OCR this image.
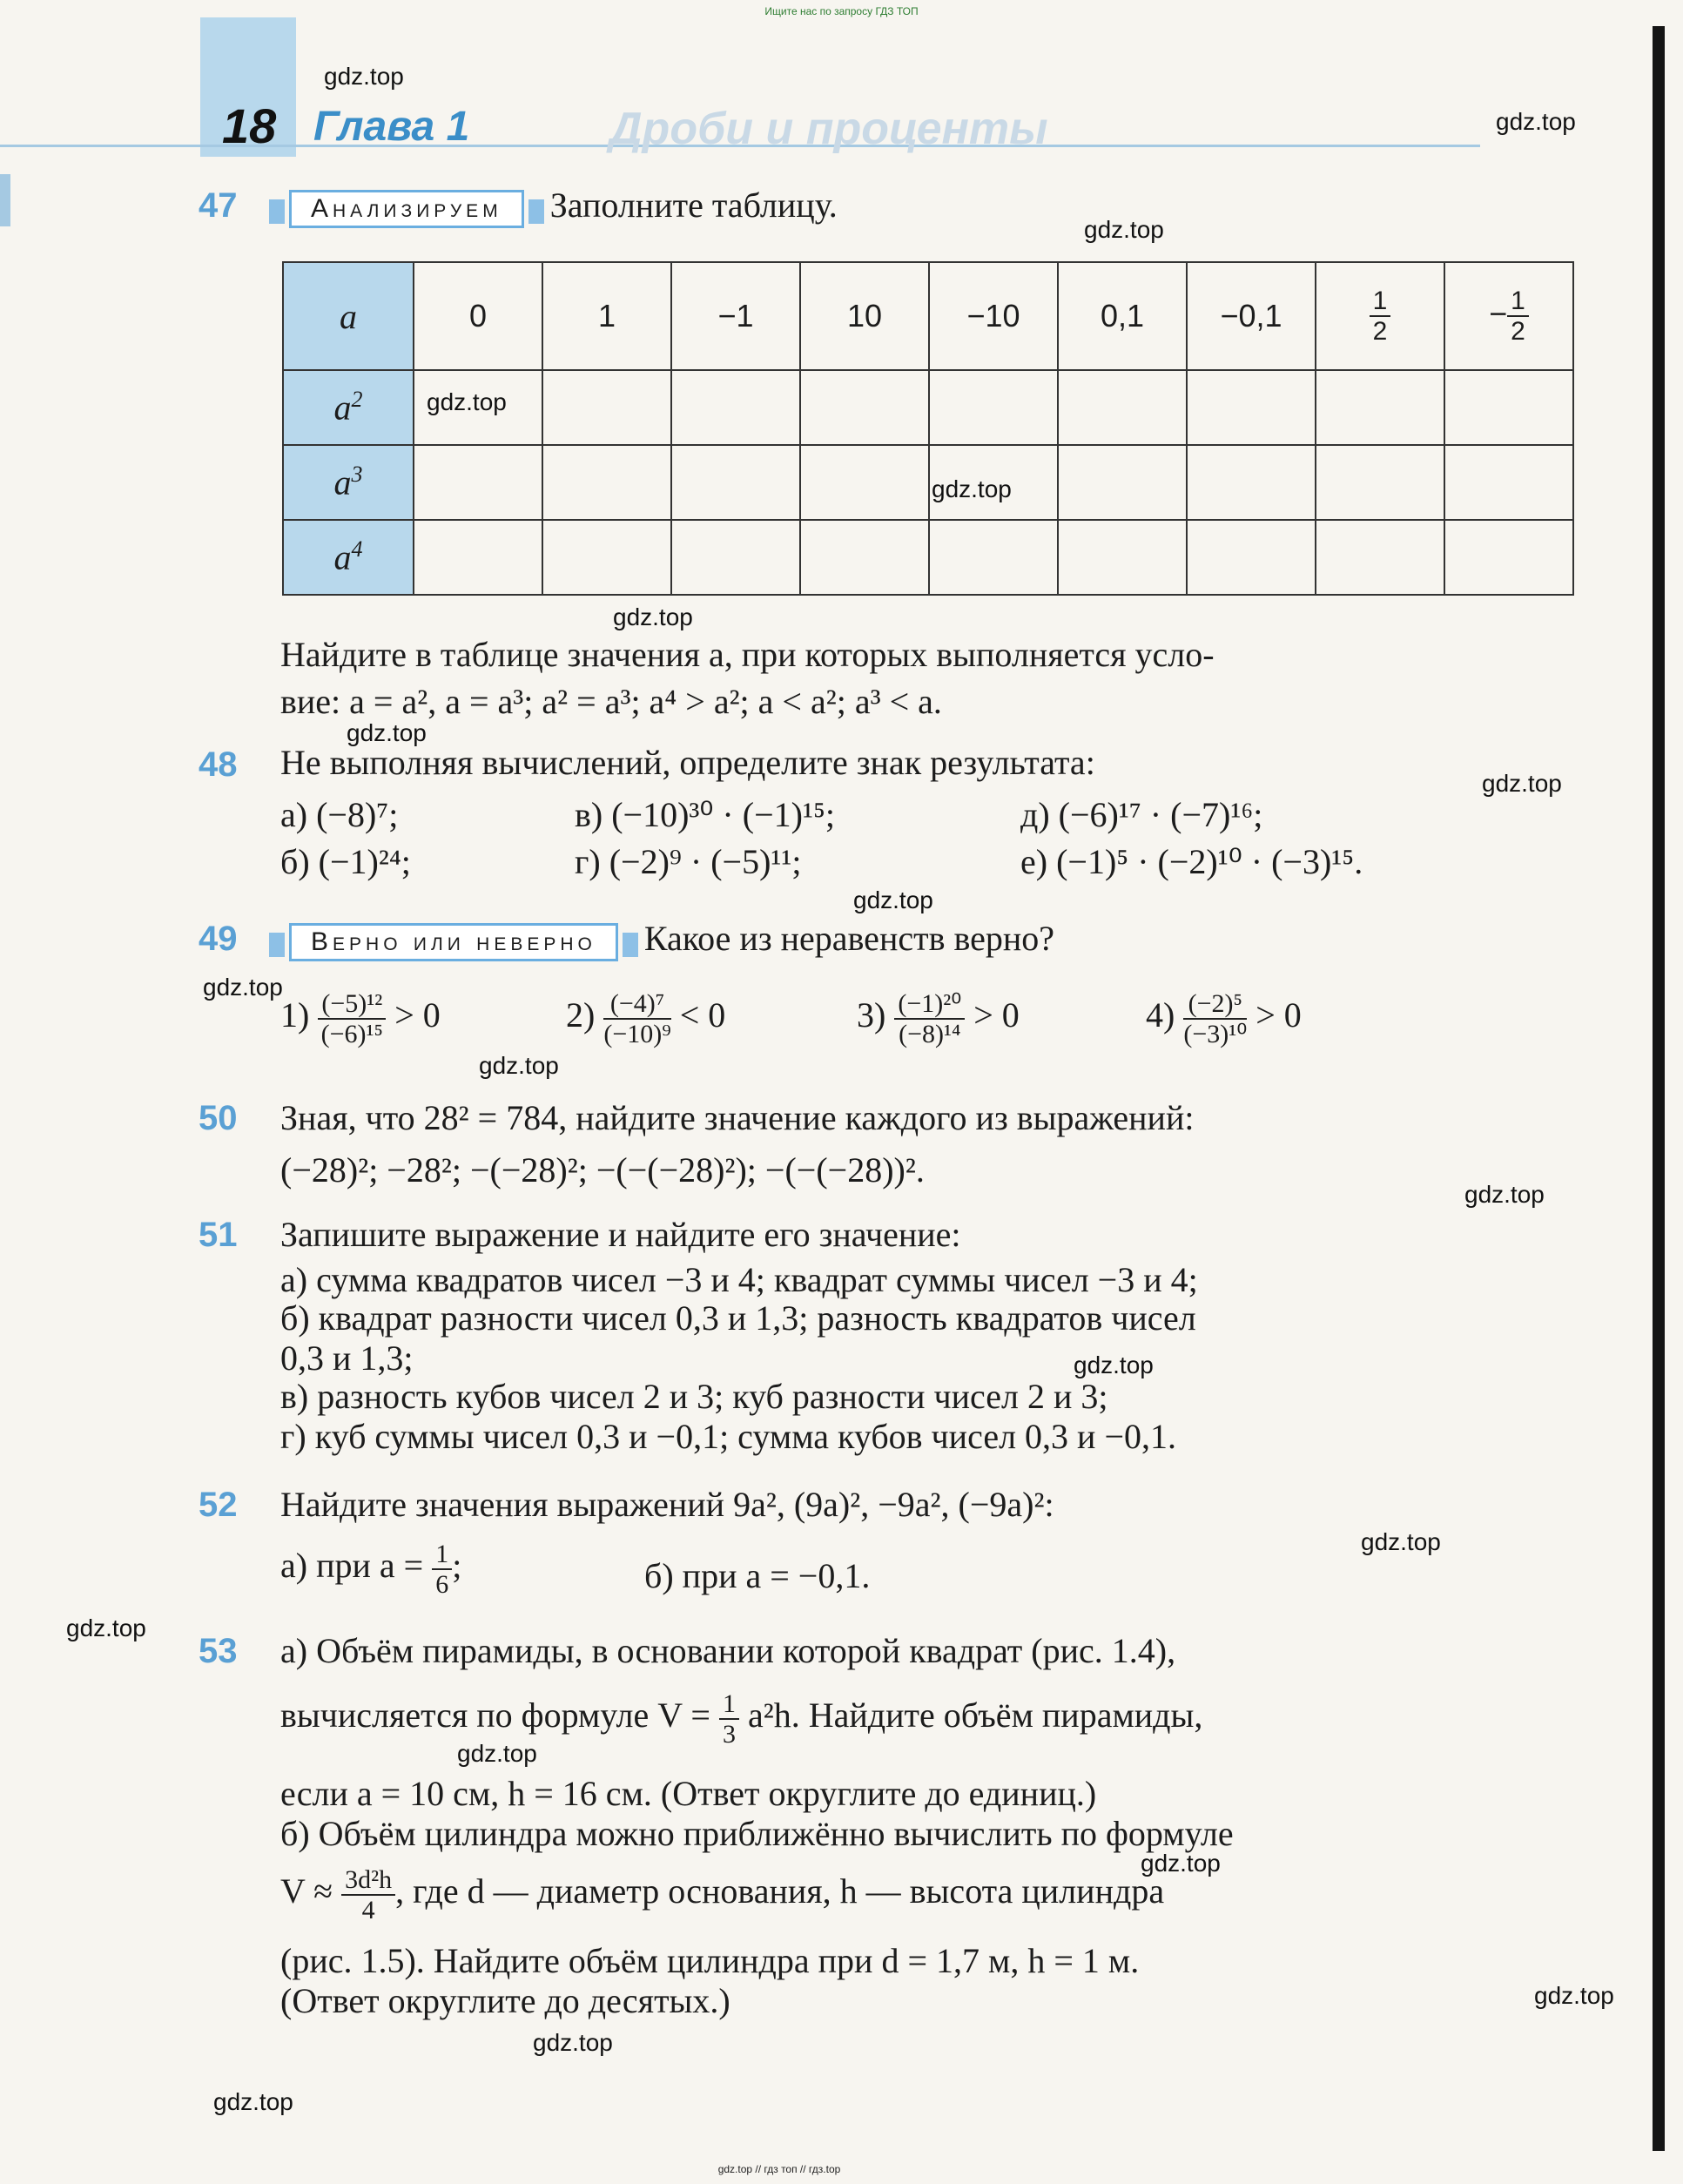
Ищите нас по запросу ГДЗ ТОП
18 Глава 1	Дроби и проценты
gdz.top
gdz.top
gdz.top
gdz.top
gdz.top
gdz.top
gdz.top
gdz.top
gdz.top
gdz.top
gdz.top
gdz.top
gdz.top
gdz.top
gdz.top
gdz.top
gdz.top
gdz.top
gdz.top
gdz.top
47	Анализируем Заполните таблицу.
a	0	1	−1	10	−10	0,1	−0,1	$\frac{1}{2}$	− $\frac{1}{2}$

$a^2$									
$a^3$									
$a^4$									
Найдите в таблице значения a, при которых выполняется усло-
вие: a = a², a = a³; a² = a³; a⁴ > a²; a < a²; a³ < a.
48 Не выполняя вычислений, определите знак результата:
а) (−8)⁷;	в) (−10)³⁰ · (−1)¹⁵;	д) (−6)¹⁷ · (−7)¹⁶;
б) (−1)²⁴;	г) (−2)⁹ · (−5)¹¹;	е) (−1)⁵ · (−2)¹⁰ · (−3)¹⁵.
49	Верно или неверно Какое из неравенств верно?
$1) \frac{\text{(−5)¹²}}{\text{(−6)¹⁵}} > 0$	$2) \frac{\text{(−4)⁷}}{\text{(−10)⁹}} < 0$	$3) \frac{\text{(−1)²⁰}}{\text{(−8)¹⁴}} > 0$	$4) \frac{\text{(−2)⁵}}{\text{(−3)¹⁰}} > 0$
50 Зная, что 28² = 784, найдите значение каждого из выражений:
(−28)²; −28²; −(−28)²; −(−(−28)²); −(−(−28))².
51 Запишите выражение и найдите его значение:
а) сумма квадратов чисел −3 и 4; квадрат суммы чисел −3 и 4;
б) квадрат разности чисел 0,3 и 1,3; разность квадратов чисел
0,3 и 1,3;
в) разность кубов чисел 2 и 3; куб разности чисел 2 и 3;
г) куб суммы чисел 0,3 и −0,1; сумма кубов чисел 0,3 и −0,1.
52 Найдите значения выражений 9a², (9a)², −9a², (−9a)²:
а) при $a = \frac{1}{6}$ ;	б) при a = −0,1.
53 а) Объём пирамиды, в основании которой квадрат (рис. 1.4),
вычисляется по формуле $V = \frac{1}{3} a^2h$. Найдите объём пирамиды,
если a = 10 см, h = 16 см. (Ответ округлите до единиц.)
б) Объём цилиндра можно приближённо вычислить по формуле
$V \approx \frac{\text{3d²h}}{4}$ , где d — диаметр основания, h — высота цилиндра
(рис. 1.5). Найдите объём цилиндра при d = 1,7 м, h = 1 м.
(Ответ округлите до десятых.)
gdz.top // гдз топ // гдз.top
